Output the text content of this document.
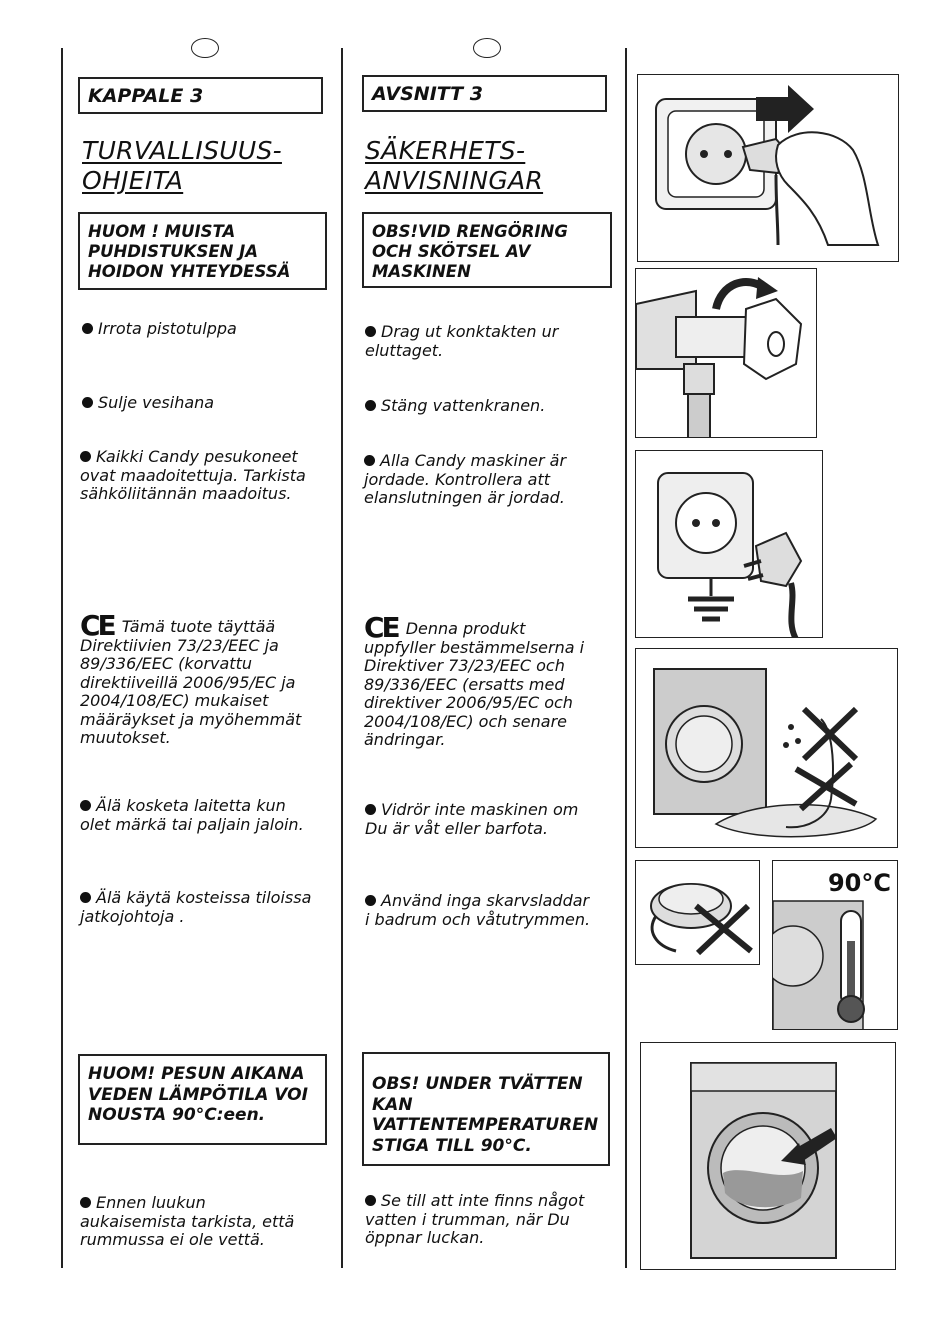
KAPPALE 3
TURVALLISUUS-
OHJEITA
HUOM ! MUISTA
PUHDISTUKSEN JA
HOIDON YHTEYDESSÄ
Irrota pistotulppa
Sulje vesihana
Kaikki Candy pesukoneet
ovat maadoitettuja. Tarkista
sähköliitännän maadoitus.
CE Tämä tuote täyttää
Direktiivien 73/23/EEC ja
89/336/EEC (korvattu
direktiiveillä 2006/95/EC ja
2004/108/EC) mukaiset
määräykset ja myöhemmät
muutokset.
Älä kosketa laitetta kun
olet märkä tai paljain jaloin.
Älä käytä kosteissa tiloissa
jatkojohtoja .
HUOM! PESUN AIKANA
VEDEN LÄMPÖTILA VOI
NOUSTA 90°C:een.
Ennen luukun
aukaisemista tarkista, että
rummussa ei ole vettä.
AVSNITT 3
SÄKERHETS-
ANVISNINGAR
OBS!VID RENGÖRING
OCH SKÖTSEL AV
MASKINEN
Drag ut konktakten ur
eluttaget.
Stäng vattenkranen.
Alla Candy maskiner är
jordade. Kontrollera att
elanslutningen är jordad.
CE Denna produkt
uppfyller bestämmelserna i
Direktiver 73/23/EEC och
89/336/EEC (ersatts med
direktiver 2006/95/EC och
2004/108/EC) och senare
ändringar.
Vidrör inte maskinen om
Du är våt eller barfota.
Använd inga skarvsladdar
i badrum och våtutrymmen.
OBS! UNDER TVÄTTEN
KAN
VATTENTEMPERATUREN
STIGA TILL 90°C.
Se till att inte finns något
vatten i trumman, när Du
öppnar luckan.
90°C
